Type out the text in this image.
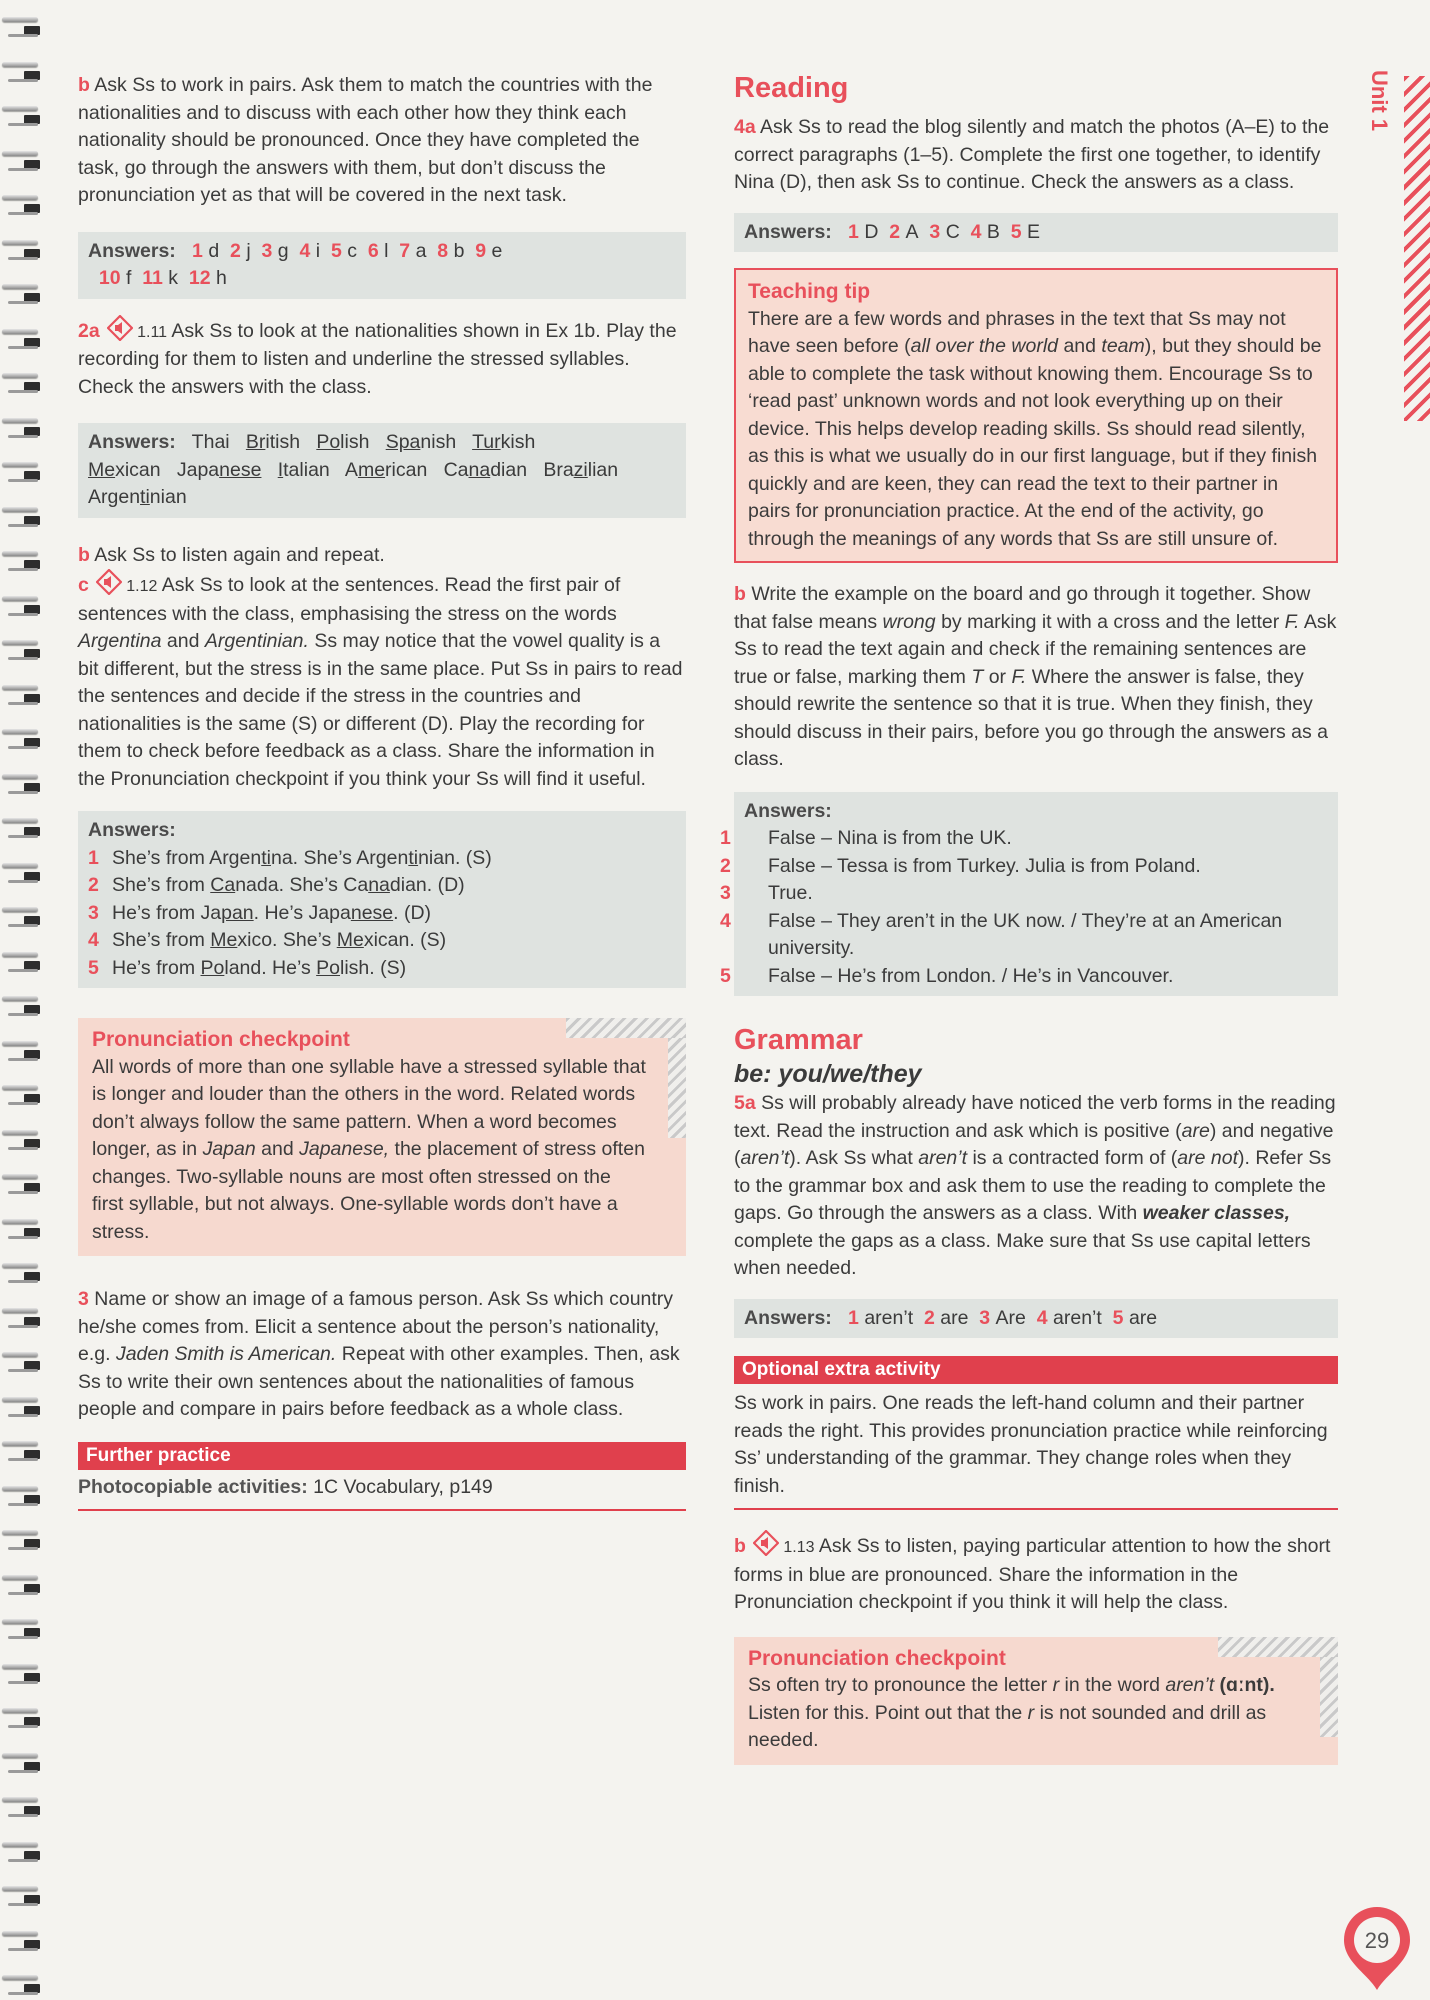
Unit 1

b Ask Ss to work in pairs. Ask them to match the countries with the nationalities and to discuss with each other how they think each nationality should be pronounced. Once they have completed the task, go through the answers with them, but don’t discuss the pronunciation yet as that will be covered in the next task.

Answers: 1 d 2 j 3 g 4 i 5 c 6 l 7 a 8 b 9 e
10 f 11 k 12 h

2a 1.11 Ask Ss to look at the nationalities shown in Ex 1b. Play the recording for them to listen and underline the stressed syllables. Check the answers with the class.

Answers:   Thai   British   Polish   Spanish   Turkish
Mexican   Japanese Italian   American   Canadian   Brazilian
Argentinian

b Ask Ss to listen again and repeat.

c 1.12 Ask Ss to look at the sentences. Read the first pair of sentences with the class, emphasising the stress on the words Argentina and Argentinian. Ss may notice that the vowel quality is a bit different, but the stress is in the same place. Put Ss in pairs to read the sentences and decide if the stress in the countries and nationalities is the same (S) or different (D). Play the recording for them to check before feedback as a class. Share the information in the Pronunciation checkpoint if you think your Ss will find it useful.

Answers:
1 She’s from Argentina. She’s Argentinian. (S)
2 She’s from Canada. She’s Canadian. (D)
3 He’s from Japan. He’s Japanese. (D)
4 She’s from Mexico. She’s Mexican. (S)
5 He’s from Poland. He’s Polish. (S)
Pronunciation checkpoint

All words of more than one syllable have a stressed syllable that is longer and louder than the others in the word. Related words don’t always follow the same pattern. When a word becomes longer, as in Japan and Japanese, the placement of stress often changes. Two-syllable nouns are most often stressed on the first syllable, but not always. One-syllable words don’t have a stress.

3 Name or show an image of a famous person. Ask Ss which country he/she comes from. Elicit a sentence about the person’s nationality, e.g. Jaden Smith is American. Repeat with other examples. Then, ask Ss to write their own sentences about the nationalities of famous people and compare in pairs before feedback as a whole class.

Further practice
Photocopiable activities: 1C Vocabulary, p149
Reading

4a Ask Ss to read the blog silently and match the photos (A–E) to the correct paragraphs (1–5). Complete the first one together, to identify Nina (D), then ask Ss to continue. Check the answers as a class.

Answers: 1 D 2 A 3 C 4 B 5 E
Teaching tip

There are a few words and phrases in the text that Ss may not have seen before (all over the world and team), but they should be able to complete the task without knowing them. Encourage Ss to ‘read past’ unknown words and not look everything up on their device. This helps develop reading skills. Ss should read silently, as this is what we usually do in our first language, but if they finish quickly and are keen, they can read the text to their partner in pairs for pronunciation practice. At the end of the activity, go through the meanings of any words that Ss are still unsure of.

b Write the example on the board and go through it together. Show that false means wrong by marking it with a cross and the letter F. Ask Ss to read the text again and check if the remaining sentences are true or false, marking them T or F. Where the answer is false, they should rewrite the sentence so that it is true. When they finish, they should discuss in their pairs, before you go through the answers as a class.

Answers:
1 False – Nina is from the UK.
2 False – Tessa is from Turkey. Julia is from Poland.
3 True.
4 False – They aren’t in the UK now. / They’re at an American university.
5 False – He’s from London. / He’s in Vancouver.
Grammar
be: you/we/they

5a Ss will probably already have noticed the verb forms in the reading text. Read the instruction and ask which is positive (are) and negative (aren’t). Ask Ss what aren’t is a contracted form of (are not). Refer Ss to the grammar box and ask them to use the reading to complete the gaps. Go through the answers as a class. With weaker classes, complete the gaps as a class. Make sure that Ss use capital letters when needed.

Answers: 1 aren’t 2 are 3 Are 4 aren’t 5 are
Optional extra activity
Ss work in pairs. One reads the left-hand column and their partner reads the right. This provides pronunciation practice while reinforcing Ss’ understanding of the grammar. They change roles when they finish.

b 1.13 Ask Ss to listen, paying particular attention to how the short forms in blue are pronounced. Share the information in the Pronunciation checkpoint if you think it will help the class.

Pronunciation checkpoint

Ss often try to pronounce the letter r in the word aren’t (ɑːnt). Listen for this. Point out that the r is not sounded and drill as needed.

29
